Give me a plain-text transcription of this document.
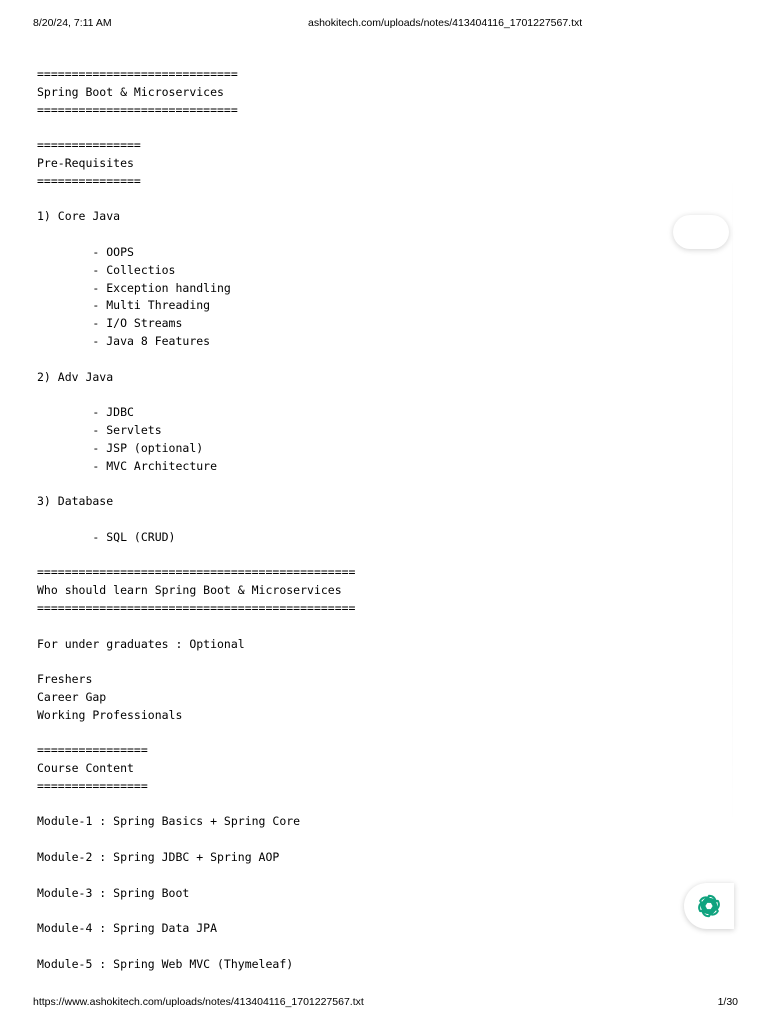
8/20/24, 7:11 AM	ashokitech.com/uploads/notes/413404116_1701227567.txt
=============================
Spring Boot & Microservices
=============================
===============
Pre-Requisites
===============
1) Core Java
- OOPS
- Collectios
- Exception handling
- Multi Threading
- I/O Streams
- Java 8 Features
2) Adv Java
- JDBC
- Servlets
- JSP (optional)
- MVC Architecture
3) Database
- SQL (CRUD)
==============================================
Who should learn Spring Boot & Microservices
==============================================
For under graduates : Optional
Freshers
Career Gap
Working Professionals
================
Course Content
================
Module-1 : Spring Basics + Spring Core
Module-2 : Spring JDBC + Spring AOP
Module-3 : Spring Boot
Module-4 : Spring Data JPA
Module-5 : Spring Web MVC (Thymeleaf)
https://www.ashokitech.com/uploads/notes/413404116_1701227567.txt	1/30
